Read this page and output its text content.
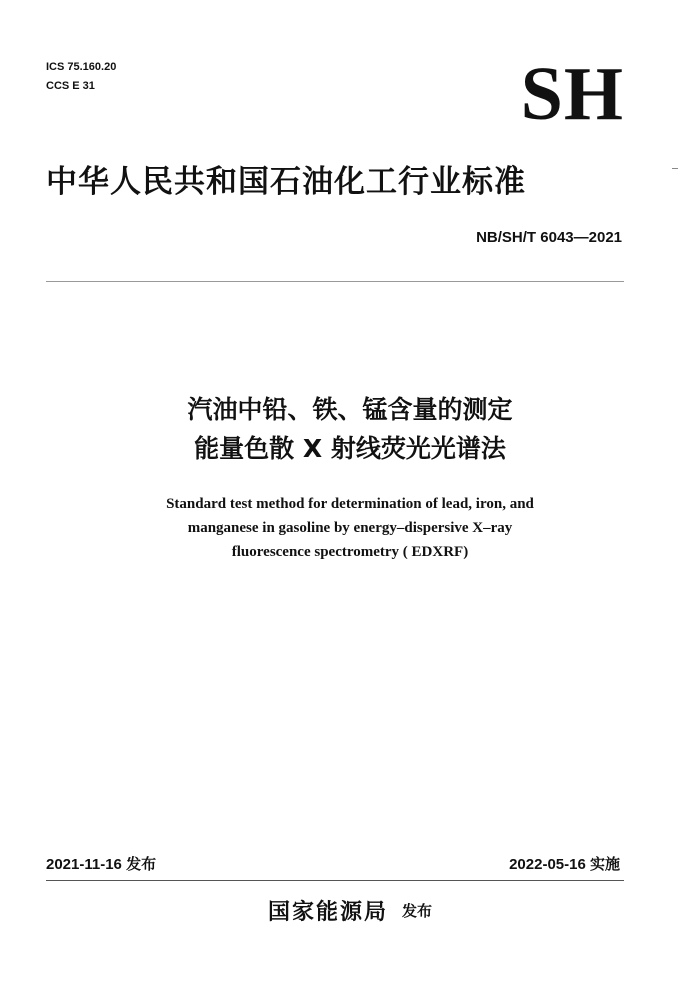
ICS 75.160.20
CCS E 31	SH
中华人民共和国石油化工行业标准
NB/SH/T 6043—2021
汽油中铅、铁、锰含量的测定
能量色散 X 射线荧光光谱法
Standard test method for determination of lead, iron, and
manganese in gasoline by energy–dispersive X–ray
fluorescence spectrometry ( EDXRF)
2021-11-16 发布	2022-05-16 实施
国家能源局 发布
